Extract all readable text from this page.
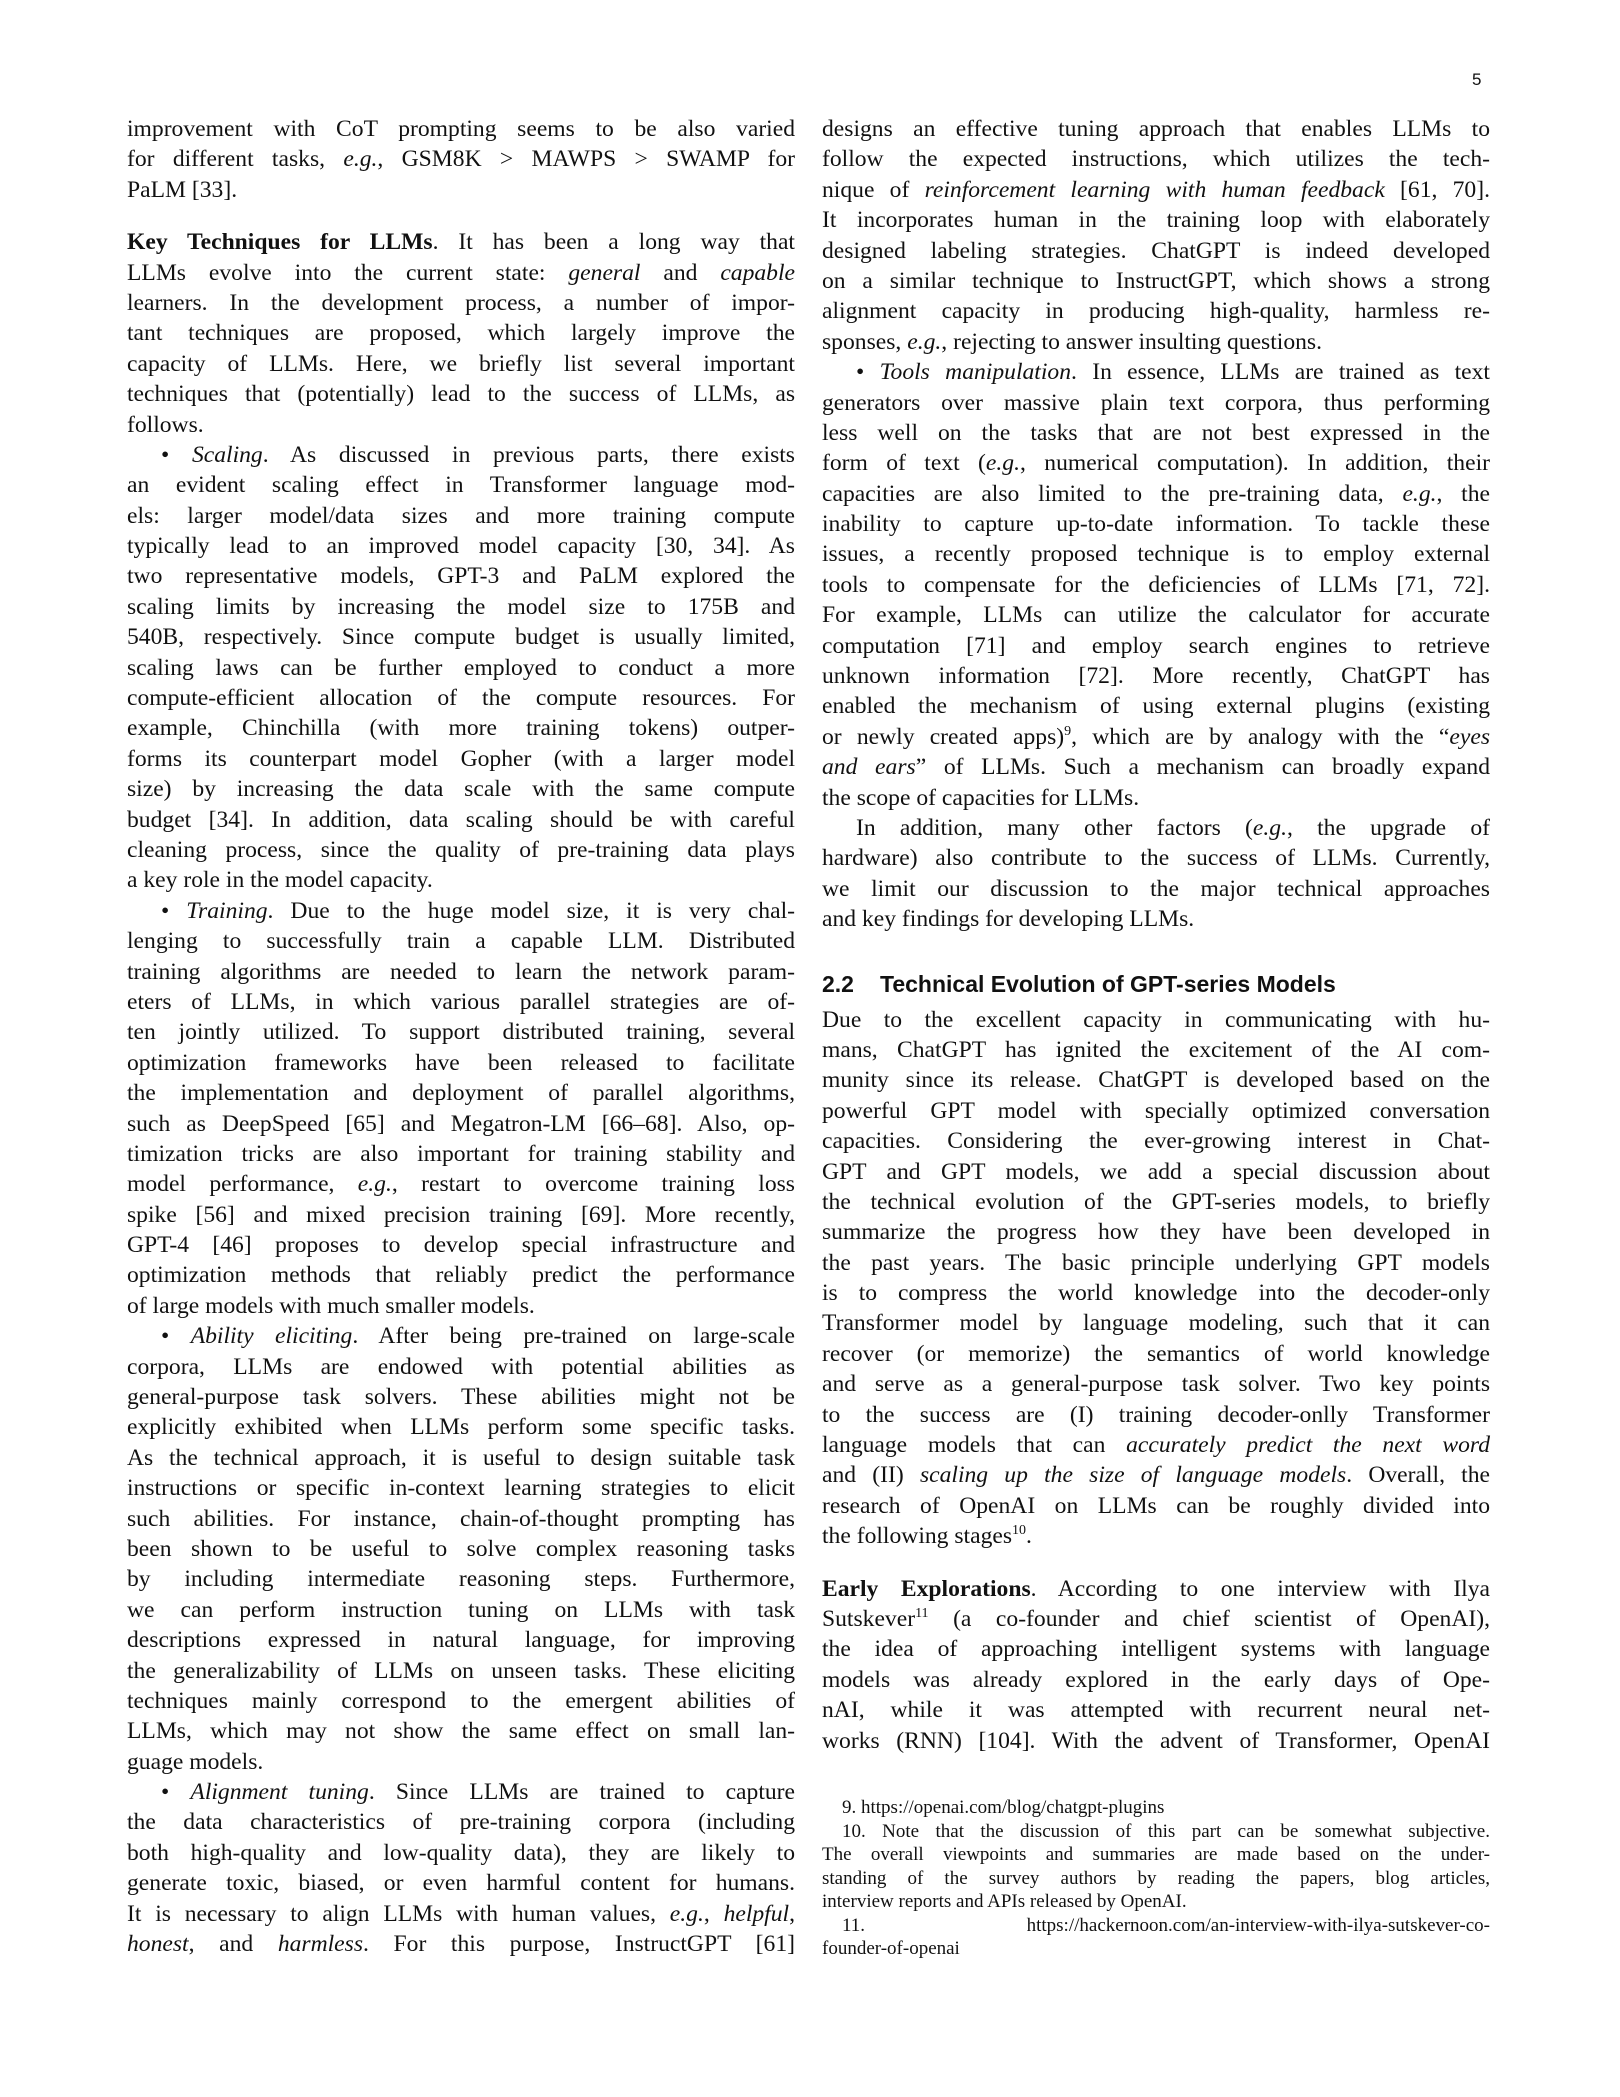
5
improvement with CoT prompting seems to be also varied
for different tasks, e.g., GSM8K > MAWPS > SWAMP for
PaLM [33].
Key Techniques for LLMs. It has been a long way that
LLMs evolve into the current state: general and capable
learners. In the development process, a number of impor-
tant techniques are proposed, which largely improve the
capacity of LLMs. Here, we briefly list several important
techniques that (potentially) lead to the success of LLMs, as
follows.
• Scaling. As discussed in previous parts, there exists
an evident scaling effect in Transformer language mod-
els: larger model/data sizes and more training compute
typically lead to an improved model capacity [30, 34]. As
two representative models, GPT-3 and PaLM explored the
scaling limits by increasing the model size to 175B and
540B, respectively. Since compute budget is usually limited,
scaling laws can be further employed to conduct a more
compute-efficient allocation of the compute resources. For
example, Chinchilla (with more training tokens) outper-
forms its counterpart model Gopher (with a larger model
size) by increasing the data scale with the same compute
budget [34]. In addition, data scaling should be with careful
cleaning process, since the quality of pre-training data plays
a key role in the model capacity.
• Training. Due to the huge model size, it is very chal-
lenging to successfully train a capable LLM. Distributed
training algorithms are needed to learn the network param-
eters of LLMs, in which various parallel strategies are of-
ten jointly utilized. To support distributed training, several
optimization frameworks have been released to facilitate
the implementation and deployment of parallel algorithms,
such as DeepSpeed [65] and Megatron-LM [66–68]. Also, op-
timization tricks are also important for training stability and
model performance, e.g., restart to overcome training loss
spike [56] and mixed precision training [69]. More recently,
GPT-4 [46] proposes to develop special infrastructure and
optimization methods that reliably predict the performance
of large models with much smaller models.
• Ability eliciting. After being pre-trained on large-scale
corpora, LLMs are endowed with potential abilities as
general-purpose task solvers. These abilities might not be
explicitly exhibited when LLMs perform some specific tasks.
As the technical approach, it is useful to design suitable task
instructions or specific in-context learning strategies to elicit
such abilities. For instance, chain-of-thought prompting has
been shown to be useful to solve complex reasoning tasks
by including intermediate reasoning steps. Furthermore,
we can perform instruction tuning on LLMs with task
descriptions expressed in natural language, for improving
the generalizability of LLMs on unseen tasks. These eliciting
techniques mainly correspond to the emergent abilities of
LLMs, which may not show the same effect on small lan-
guage models.
• Alignment tuning. Since LLMs are trained to capture
the data characteristics of pre-training corpora (including
both high-quality and low-quality data), they are likely to
generate toxic, biased, or even harmful content for humans.
It is necessary to align LLMs with human values, e.g., helpful,
honest, and harmless. For this purpose, InstructGPT [61]
designs an effective tuning approach that enables LLMs to
follow the expected instructions, which utilizes the tech-
nique of reinforcement learning with human feedback [61, 70].
It incorporates human in the training loop with elaborately
designed labeling strategies. ChatGPT is indeed developed
on a similar technique to InstructGPT, which shows a strong
alignment capacity in producing high-quality, harmless re-
sponses, e.g., rejecting to answer insulting questions.
• Tools manipulation. In essence, LLMs are trained as text
generators over massive plain text corpora, thus performing
less well on the tasks that are not best expressed in the
form of text (e.g., numerical computation). In addition, their
capacities are also limited to the pre-training data, e.g., the
inability to capture up-to-date information. To tackle these
issues, a recently proposed technique is to employ external
tools to compensate for the deficiencies of LLMs [71, 72].
For example, LLMs can utilize the calculator for accurate
computation [71] and employ search engines to retrieve
unknown information [72]. More recently, ChatGPT has
enabled the mechanism of using external plugins (existing
or newly created apps)$^9$, which are by analogy with the “eyes
and ears” of LLMs. Such a mechanism can broadly expand
the scope of capacities for LLMs.
In addition, many other factors (e.g., the upgrade of
hardware) also contribute to the success of LLMs. Currently,
we limit our discussion to the major technical approaches
and key findings for developing LLMs.
2.2 Technical Evolution of GPT-series Models
Due to the excellent capacity in communicating with hu-
mans, ChatGPT has ignited the excitement of the AI com-
munity since its release. ChatGPT is developed based on the
powerful GPT model with specially optimized conversation
capacities. Considering the ever-growing interest in Chat-
GPT and GPT models, we add a special discussion about
the technical evolution of the GPT-series models, to briefly
summarize the progress how they have been developed in
the past years. The basic principle underlying GPT models
is to compress the world knowledge into the decoder-only
Transformer model by language modeling, such that it can
recover (or memorize) the semantics of world knowledge
and serve as a general-purpose task solver. Two key points
to the success are (I) training decoder-onlly Transformer
language models that can accurately predict the next word
and (II) scaling up the size of language models. Overall, the
research of OpenAI on LLMs can be roughly divided into
the following stages$^{10}$.
Early Explorations. According to one interview with Ilya
Sutskever$^{11}$ (a co-founder and chief scientist of OpenAI),
the idea of approaching intelligent systems with language
models was already explored in the early days of Ope-
nAI, while it was attempted with recurrent neural net-
works (RNN) [104]. With the advent of Transformer, OpenAI
9. https://openai.com/blog/chatgpt-plugins
10. Note that the discussion of this part can be somewhat subjective.
The overall viewpoints and summaries are made based on the under-
standing of the survey authors by reading the papers, blog articles,
interview reports and APIs released by OpenAI.
11. https://hackernoon.com/an-interview-with-ilya-sutskever-co-
founder-of-openai
